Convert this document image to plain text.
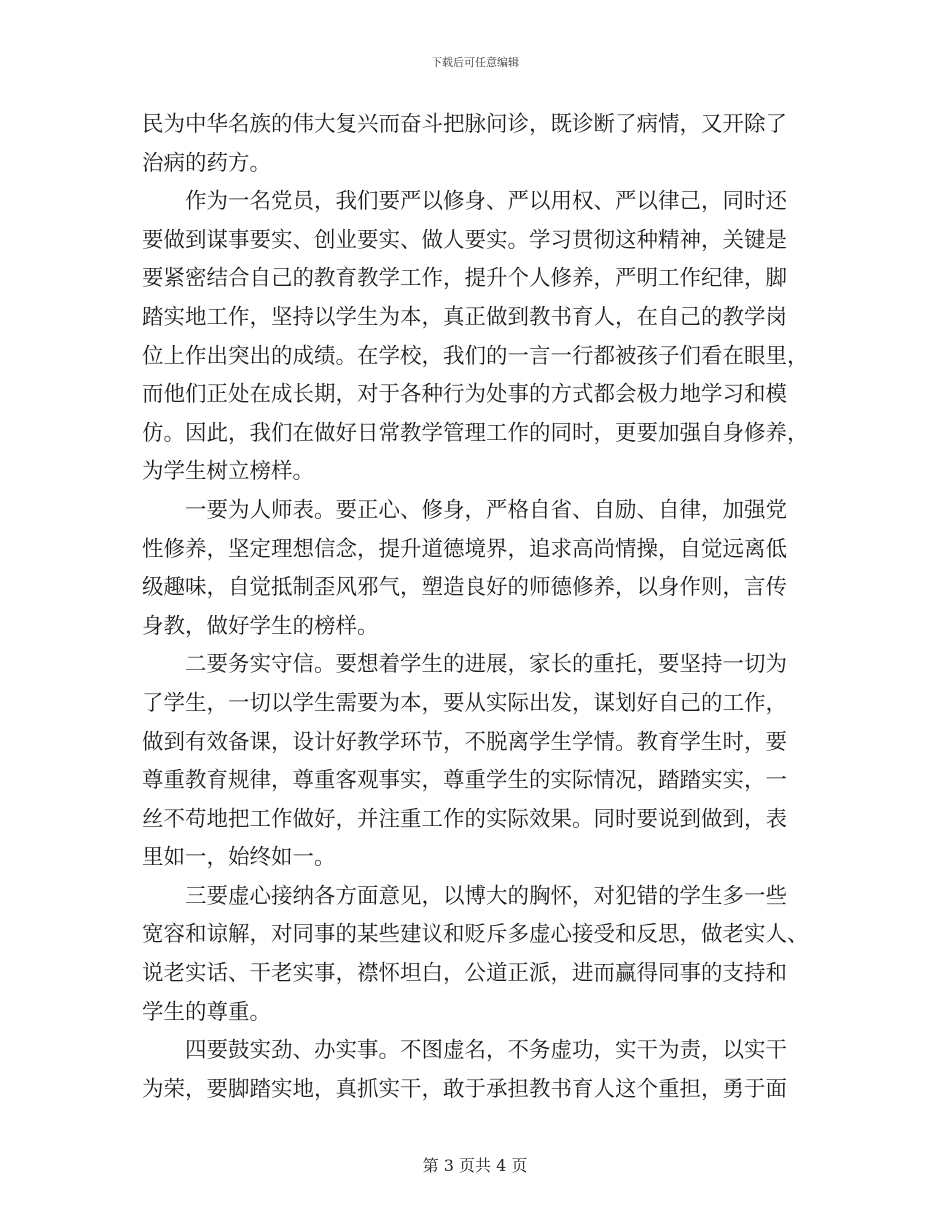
下载后可任意编辑
民为中华名族的伟大复兴而奋斗把脉问诊，既诊断了病情，又开除了
治病的药方。
作为一名党员，我们要严以修身、严以用权、严以律己，同时还
要做到谋事要实、创业要实、做人要实。学习贯彻这种精神，关键是
要紧密结合自己的教育教学工作，提升个人修养，严明工作纪律，脚
踏实地工作，坚持以学生为本，真正做到教书育人，在自己的教学岗
位上作出突出的成绩。在学校，我们的一言一行都被孩子们看在眼里，
而他们正处在成长期，对于各种行为处事的方式都会极力地学习和模
仿。因此，我们在做好日常教学管理工作的同时，更要加强自身修养，
为学生树立榜样。
一要为人师表。要正心、修身，严格自省、自励、自律，加强党
性修养，坚定理想信念，提升道德境界，追求高尚情操，自觉远离低
级趣味，自觉抵制歪风邪气，塑造良好的师德修养，以身作则，言传
身教，做好学生的榜样。
二要务实守信。要想着学生的进展，家长的重托，要坚持一切为
了学生，一切以学生需要为本，要从实际出发，谋划好自己的工作，
做到有效备课，设计好教学环节，不脱离学生学情。教育学生时，要
尊重教育规律，尊重客观事实，尊重学生的实际情况，踏踏实实，一
丝不苟地把工作做好，并注重工作的实际效果。同时要说到做到，表
里如一，始终如一。
三要虚心接纳各方面意见，以博大的胸怀，对犯错的学生多一些
宽容和谅解，对同事的某些建议和贬斥多虚心接受和反思，做老实人、
说老实话、干老实事，襟怀坦白，公道正派，进而赢得同事的支持和
学生的尊重。
四要鼓实劲、办实事。不图虚名，不务虚功，实干为责，以实干
为荣，要脚踏实地，真抓实干，敢于承担教书育人这个重担，勇于面
第 3 页共 4 页
